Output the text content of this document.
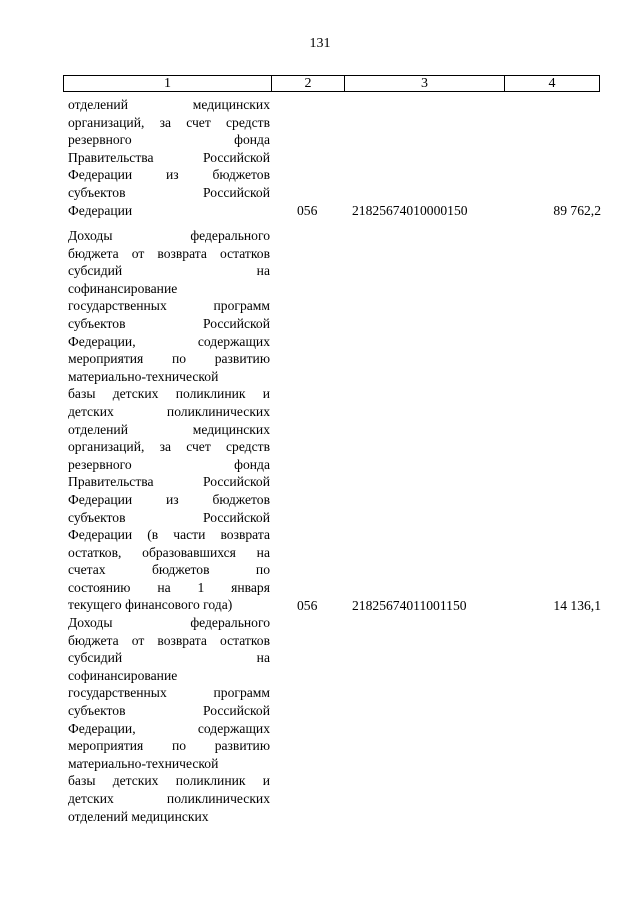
131
1	2	3	4

отделений медицинских
организаций, за счет средств
резервного фонда
Правительства Российской
Федерации из бюджетов
субъектов Российской
Федерации	056	21825674010000150	89 762,2

Доходы федерального
бюджета от возврата остатков
субсидий на
софинансирование
государственных программ
субъектов Российской
Федерации, содержащих
мероприятия по развитию
материально-технической
базы детских поликлиник и
детских поликлинических
отделений медицинских
организаций, за счет средств
резервного фонда
Правительства Российской
Федерации из бюджетов
субъектов Российской
Федерации (в части возврата
остатков, образовавшихся на
счетах бюджетов по
состоянию на 1 января
текущего финансового года)	056	21825674011001150	14 136,1

Доходы федерального
бюджета от возврата остатков
субсидий на
софинансирование
государственных программ
субъектов Российской
Федерации, содержащих
мероприятия по развитию
материально-технической
базы детских поликлиник и
детских поликлинических
отделений медицинских
